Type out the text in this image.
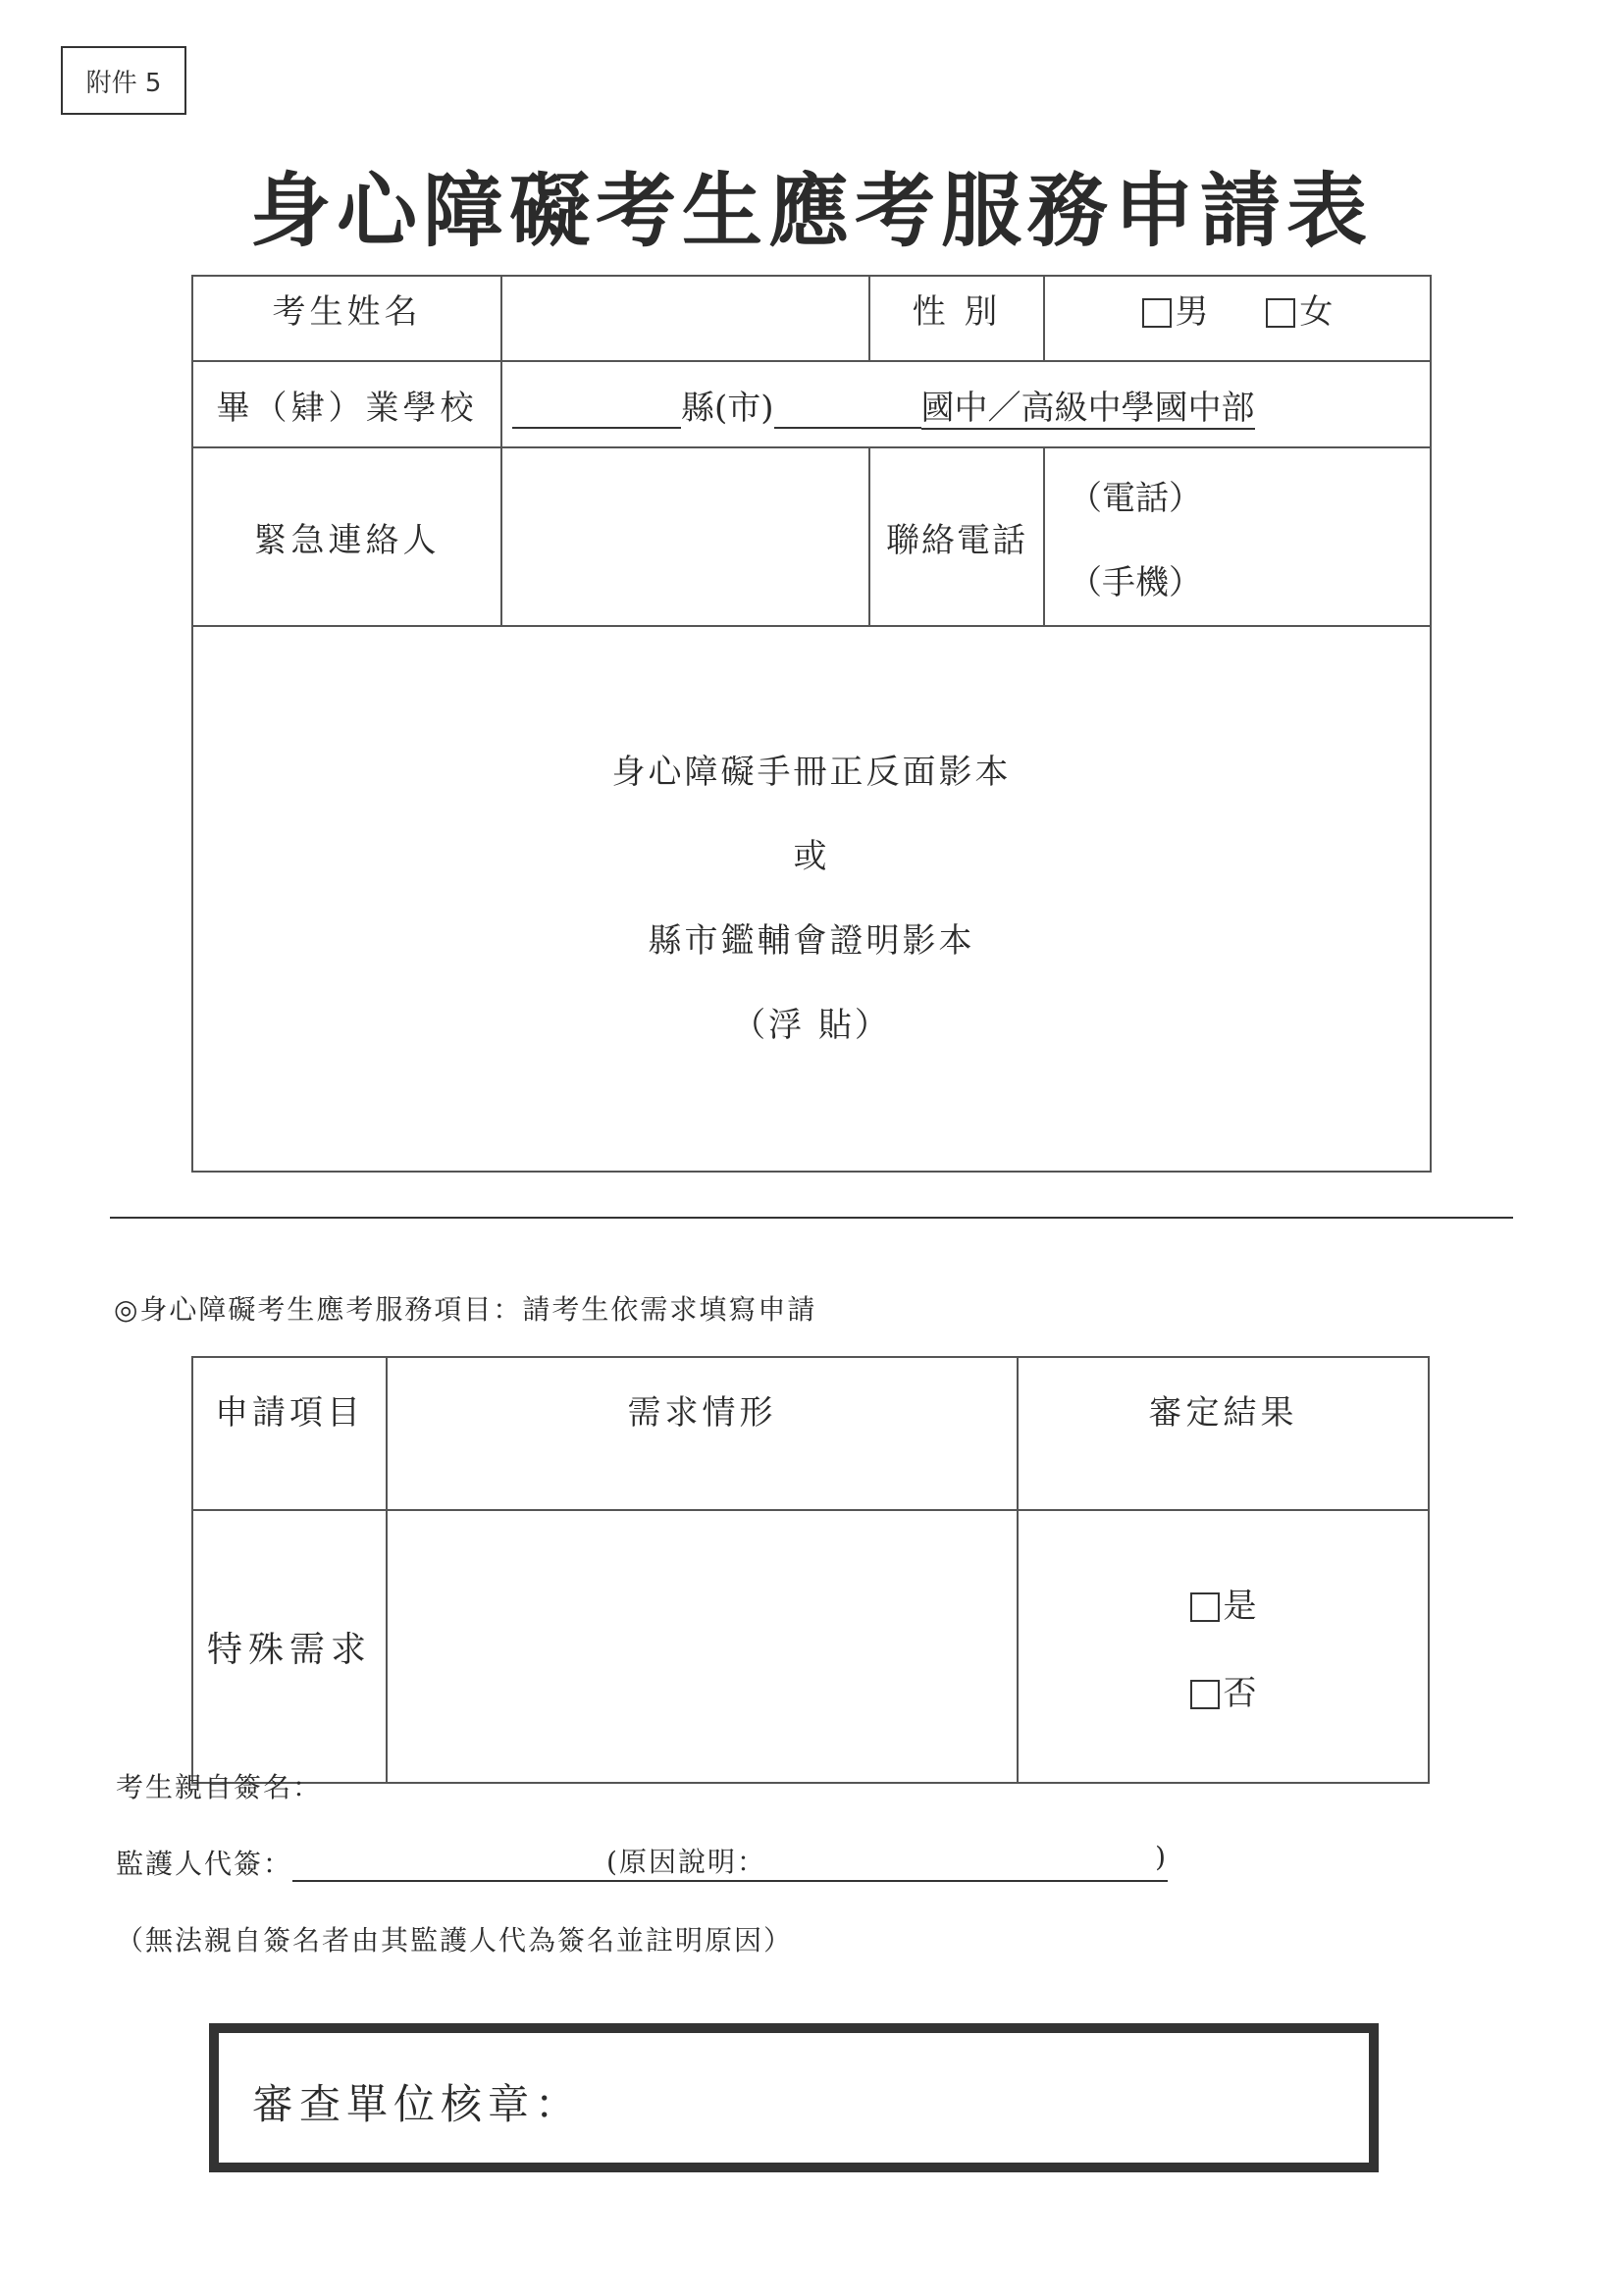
附件 5
身心障礙考生應考服務申請表
考生姓名		性 別	男 女
畢（肄）業學校	縣(市) 國中／高級中學國中部		
緊急連絡人		聯絡電話	（電話）
（手機）

身心障礙手冊正反面影本
或
縣市鑑輔會證明影本
（浮 貼）			
◎身心障礙考生應考服務項目：請考生依需求填寫申請
申請項目	需求情形	審定結果
特殊需求		是
否
考生親自簽名：
監護人代簽：	(原因說明：	)
（無法親自簽名者由其監護人代為簽名並註明原因）
審查單位核章：
